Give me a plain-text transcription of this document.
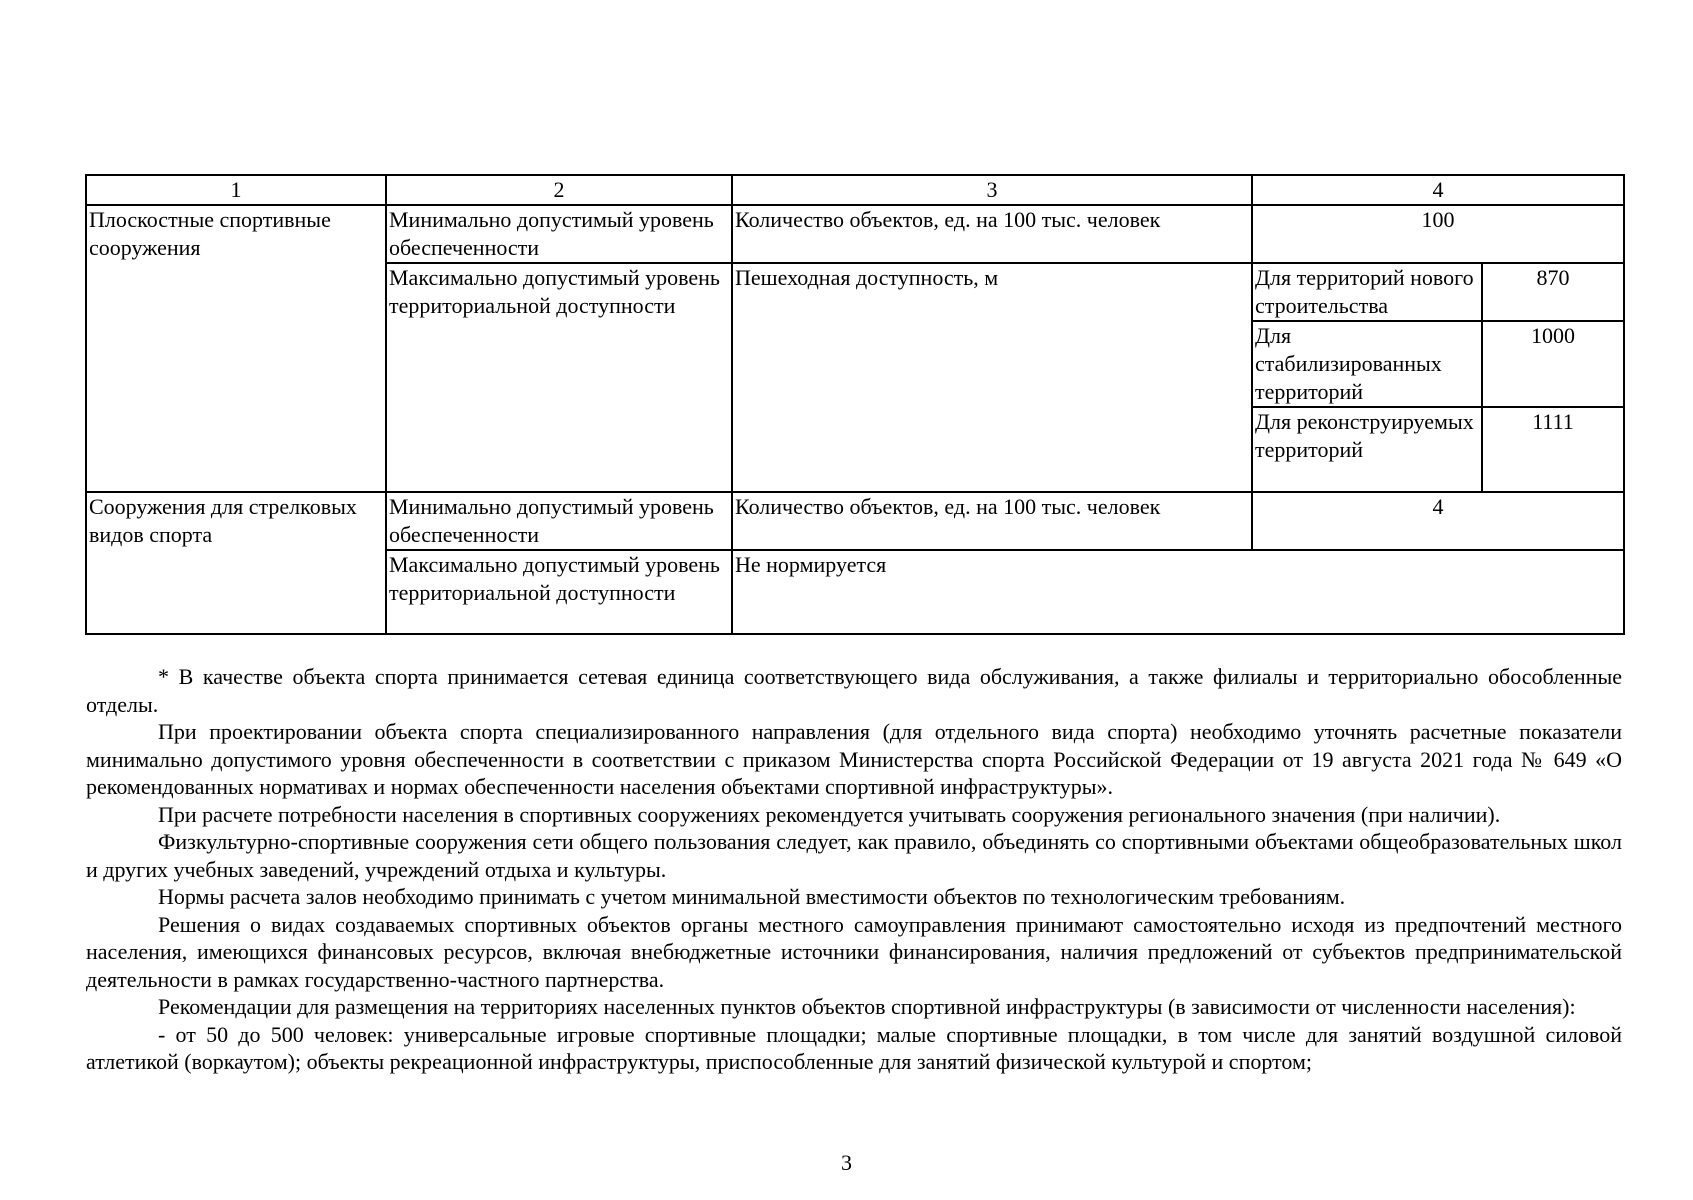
1	2	3	4	
Плоскостные спортивные сооружения	Минимально допустимый уровень обеспеченности	Количество объектов, ед. на 100 тыс. человек	100	
	Максимально допустимый уровень территориальной доступности	Пешеходная доступность, м	Для территорий нового строительства	870
			Для стабилизированных территорий	1000
			Для реконструируемых территорий	1111
Сооружения для стрелковых видов спорта	Минимально допустимый уровень обеспеченности	Количество объектов, ед. на 100 тыс. человек	4	
	Максимально допустимый уровень территориальной доступности	Не нормируется		

* В качестве объекта спорта принимается сетевая единица соответствующего вида обслуживания, а также филиалы и территориально обособленные отделы.

При проектировании объекта спорта специализированного направления (для отдельного вида спорта) необходимо уточнять расчетные показатели минимально допустимого уровня обеспеченности в соответствии с приказом Министерства спорта Российской Федерации от 19 августа 2021 года № 649 «О рекомендованных нормативах и нормах обеспеченности населения объектами спортивной инфраструктуры».

При расчете потребности населения в спортивных сооружениях рекомендуется учитывать сооружения регионального значения (при наличии).

Физкультурно-спортивные сооружения сети общего пользования следует, как правило, объединять со спортивными объектами общеобразовательных школ и других учебных заведений, учреждений отдыха и культуры.

Нормы расчета залов необходимо принимать с учетом минимальной вместимости объектов по технологическим требованиям.

Решения о видах создаваемых спортивных объектов органы местного самоуправления принимают самостоятельно исходя из предпочтений местного населения, имеющихся финансовых ресурсов, включая внебюджетные источники финансирования, наличия предложений от субъектов предпринимательской деятельности в рамках государственно-частного партнерства.

Рекомендации для размещения на территориях населенных пунктов объектов спортивной инфраструктуры (в зависимости от численности населения):

- от 50 до 500 человек: универсальные игровые спортивные площадки; малые спортивные площадки, в том числе для занятий воздушной силовой атлетикой (воркаутом); объекты рекреационной инфраструктуры, приспособленные для занятий физической культурой и спортом;

3
